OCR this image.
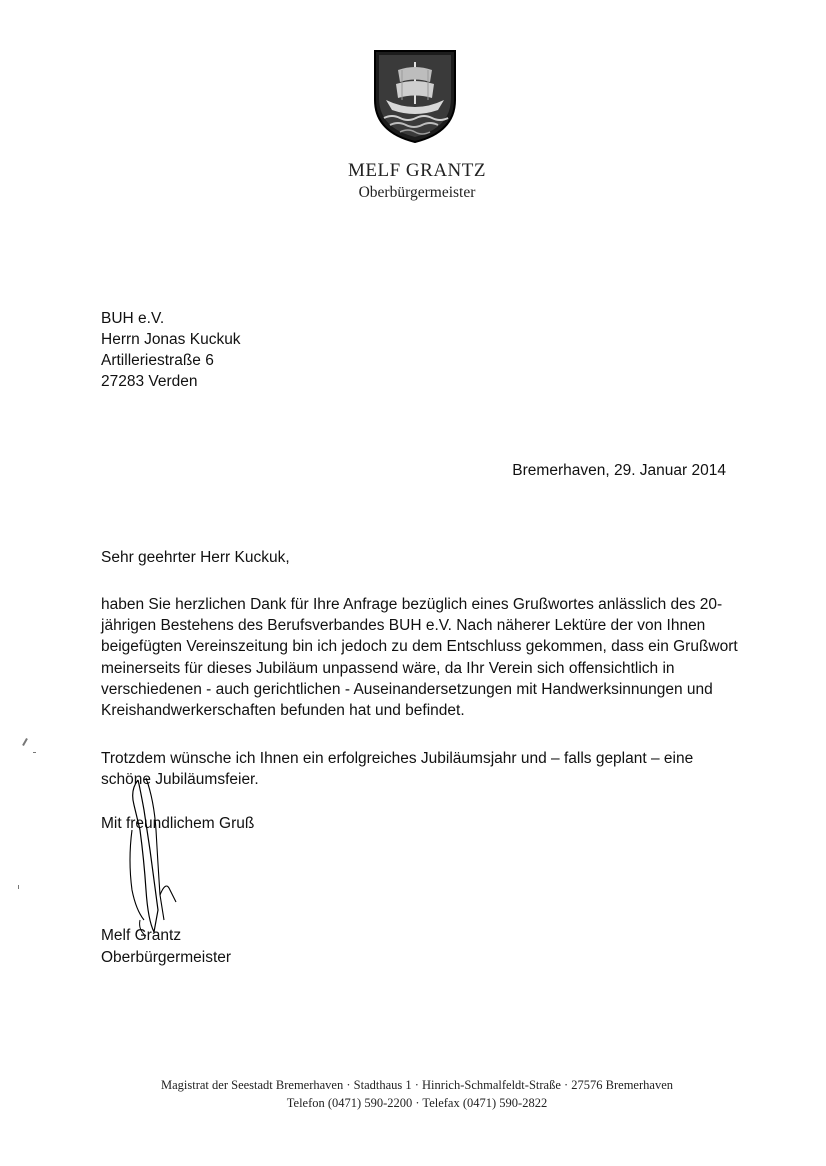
MELF GRANTZ
Oberbürgermeister
BUH e.V.
Herrn Jonas Kuckuk
Artilleriestraße 6
27283 Verden
Bremerhaven, 29. Januar 2014
Sehr geehrter Herr Kuckuk,
haben Sie herzlichen Dank für Ihre Anfrage bezüglich eines Grußwortes anlässlich des 20-jährigen Bestehens des Berufsverbandes BUH e.V. Nach näherer Lektüre der von Ihnen beigefügten Vereinszeitung bin ich jedoch zu dem Entschluss gekommen, dass ein Grußwort meinerseits für dieses Jubiläum unpassend wäre, da Ihr Verein sich offensichtlich in verschiedenen - auch gerichtlichen - Auseinandersetzungen mit Handwerksinnungen und Kreishandwerkerschaften befunden hat und befindet.
Trotzdem wünsche ich Ihnen ein erfolgreiches Jubiläumsjahr und – falls geplant – eine schöne Jubiläumsfeier.
Mit freundlichem Gruß
Melf Grantz
Oberbürgermeister
Magistrat der Seestadt Bremerhaven · Stadthaus 1 · Hinrich-Schmalfeldt-Straße · 27576 Bremerhaven
Telefon (0471) 590-2200 · Telefax (0471) 590-2822
